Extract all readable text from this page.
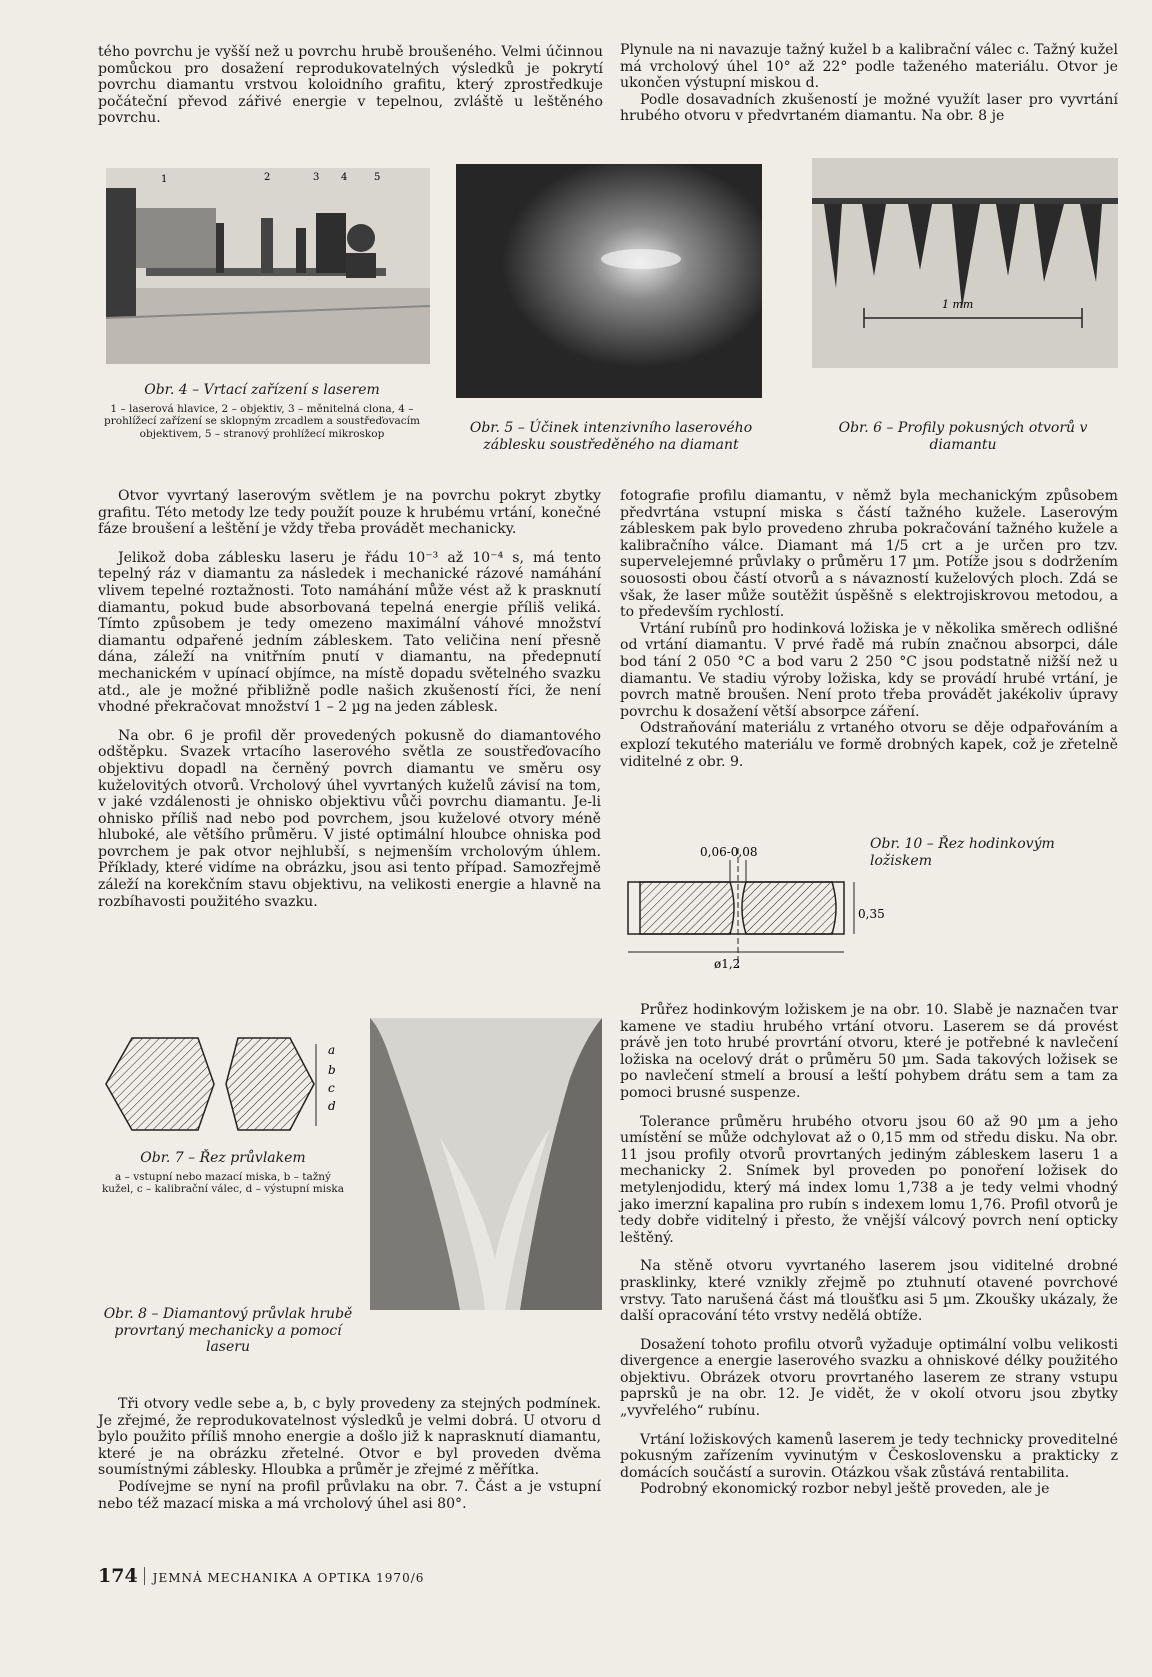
tého povrchu je vyšší než u povrchu hrubě broušeného. Velmi účinnou pomůckou pro dosažení reprodukovatelných výsledků je pokrytí povrchu diamantu vrstvou koloidního grafitu, který zprostředkuje počáteční převod zářivé energie v tepelnou, zvláště u leštěného povrchu.

Plynule na ni navazuje tažný kužel b a kalibrační válec c. Tažný kužel má vrcholový úhel 10° až 22° podle taženého materiálu. Otvor je ukončen výstupní miskou d.

Podle dosavadních zkušeností je možné využít laser pro vyvrtání hrubého otvoru v předvrtaném diamantu. Na obr. 8 je

1	2	3 4	5
Obr. 4 – Vrtací zařízení s laserem
1 – laserová hlavice, 2 – objektiv, 3 – měnitelná clona, 4 – prohlížecí zařízení se sklopným zrcadlem a soustřeďovacím objektivem, 5 – stranový prohlížecí mikroskop	Obr. 5 – Účinek intenzivního laserového záblesku soustředěného na diamant
1 mm
Obr. 6 – Profily pokusných otvorů v diamantu

Otvor vyvrtaný laserovým světlem je na povrchu pokryt zbytky grafitu. Této metody lze tedy použít pouze k hrubému vrtání, konečné fáze broušení a leštění je vždy třeba provádět mechanicky.

Jelikož doba záblesku laseru je řádu 10⁻³ až 10⁻⁴ s, má tento tepelný ráz v diamantu za následek i mechanické rázové namáhání vlivem tepelné roztažnosti. Toto namáhání může vést až k prasknutí diamantu, pokud bude absorbovaná tepelná energie příliš veliká. Tímto způsobem je tedy omezeno maximální váhové množství diamantu odpařené jedním zábleskem. Tato veličina není přesně dána, záleží na vnitřním pnutí v diamantu, na předepnutí mechanickém v upínací objímce, na místě dopadu světelného svazku atd., ale je možné přibližně podle našich zkušeností říci, že není vhodné překračovat množství 1 – 2 µg na jeden záblesk.

Na obr. 6 je profil děr provedených pokusně do diamantového odštěpku. Svazek vrtacího laserového světla ze soustřeďovacího objektivu dopadl na černěný povrch diamantu ve směru osy kuželovitých otvorů. Vrcholový úhel vyvrtaných kuželů závisí na tom, v jaké vzdálenosti je ohnisko objektivu vůči povrchu diamantu. Je-li ohnisko příliš nad nebo pod povrchem, jsou kuželové otvory méně hluboké, ale většího průměru. V jisté optimální hloubce ohniska pod povrchem je pak otvor nejhlubší, s nejmenším vrcholovým úhlem. Příklady, které vidíme na obrázku, jsou asi tento případ. Samozřejmě záleží na korekčním stavu objektivu, na velikosti energie a hlavně na rozbíhavosti použitého svazku.

fotografie profilu diamantu, v němž byla mechanickým způsobem předvrtána vstupní miska s částí tažného kužele. Laserovým zábleskem pak bylo provedeno zhruba pokračování tažného kužele a kalibračního válce. Diamant má 1/5 crt a je určen pro tzv. supervelejemné průvlaky o průměru 17 µm. Potíže jsou s dodržením souososti obou částí otvorů a s návazností kuželových ploch. Zdá se však, že laser může soutěžit úspěšně s elektrojiskrovou metodou, a to především rychlostí.

Vrtání rubínů pro hodinková ložiska je v několika směrech odlišné od vrtání diamantu. V prvé řadě má rubín značnou absorpci, dále bod tání 2 050 °C a bod varu 2 250 °C jsou podstatně nižší než u diamantu. Ve stadiu výroby ložiska, kdy se provádí hrubé vrtání, je povrch matně broušen. Není proto třeba provádět jakékoliv úpravy povrchu k dosažení větší absorpce záření.

Odstraňování materiálu z vrtaného otvoru se děje odpařováním a explozí tekutého materiálu ve formě drobných kapek, což je zřetelně viditelné z obr. 9.

Obr. 10 – Řez hodinkovým ložiskem
0,06-0,08
0,35
ø1,2
a
b
c
d
Obr. 7 – Řez průvlakem
a – vstupní nebo mazací miska, b – tažný kužel, c – kalibrační válec, d – výstupní miska
Obr. 8 – Diamantový průvlak hrubě provrtaný mechanicky a pomocí laseru

Tři otvory vedle sebe a, b, c byly provedeny za stejných podmínek. Je zřejmé, že reprodukovatelnost výsledků je velmi dobrá. U otvoru d bylo použito příliš mnoho energie a došlo již k naprasknutí diamantu, které je na obrázku zřetelné. Otvor e byl proveden dvěma soumístnými záblesky. Hloubka a průměr je zřejmé z měřítka.

Podívejme se nyní na profil průvlaku na obr. 7. Část a je vstupní nebo též mazací miska a má vrcholový úhel asi 80°.

Průřez hodinkovým ložiskem je na obr. 10. Slabě je naznačen tvar kamene ve stadiu hrubého vrtání otvoru. Laserem se dá provést právě jen toto hrubé provrtání otvoru, které je potřebné k navlečení ložiska na ocelový drát o průměru 50 µm. Sada takových ložisek se po navlečení stmelí a brousí a leští pohybem drátu sem a tam za pomoci brusné suspenze.

Tolerance průměru hrubého otvoru jsou 60 až 90 µm a jeho umístění se může odchylovat až o 0,15 mm od středu disku. Na obr. 11 jsou profily otvorů provrtaných jediným zábleskem laseru 1 a mechanicky 2. Snímek byl proveden po ponoření ložisek do metylenjodidu, který má index lomu 1,738 a je tedy velmi vhodný jako imerzní kapalina pro rubín s indexem lomu 1,76. Profil otvorů je tedy dobře viditelný i přesto, že vnější válcový povrch není opticky leštěný.

Na stěně otvoru vyvrtaného laserem jsou viditelné drobné prasklinky, které vznikly zřejmě po ztuhnutí otavené povrchové vrstvy. Tato narušená část má tloušťku asi 5 µm. Zkoušky ukázaly, že další opracování této vrstvy nedělá obtíže.

Dosažení tohoto profilu otvorů vyžaduje optimální volbu velikosti divergence a energie laserového svazku a ohniskové délky použitého objektivu. Obrázek otvoru provrtaného laserem ze strany vstupu paprsků je na obr. 12. Je vidět, že v okolí otvoru jsou zbytky „vyvřelého“ rubínu.

Vrtání ložiskových kamenů laserem je tedy technicky proveditelné pokusným zařízením vyvinutým v Československu a prakticky z domácích součástí a surovin. Otázkou však zůstává rentabilita.

Podrobný ekonomický rozbor nebyl ještě proveden, ale je

174 JEMNÁ MECHANIKA A OPTIKA 1970/6
